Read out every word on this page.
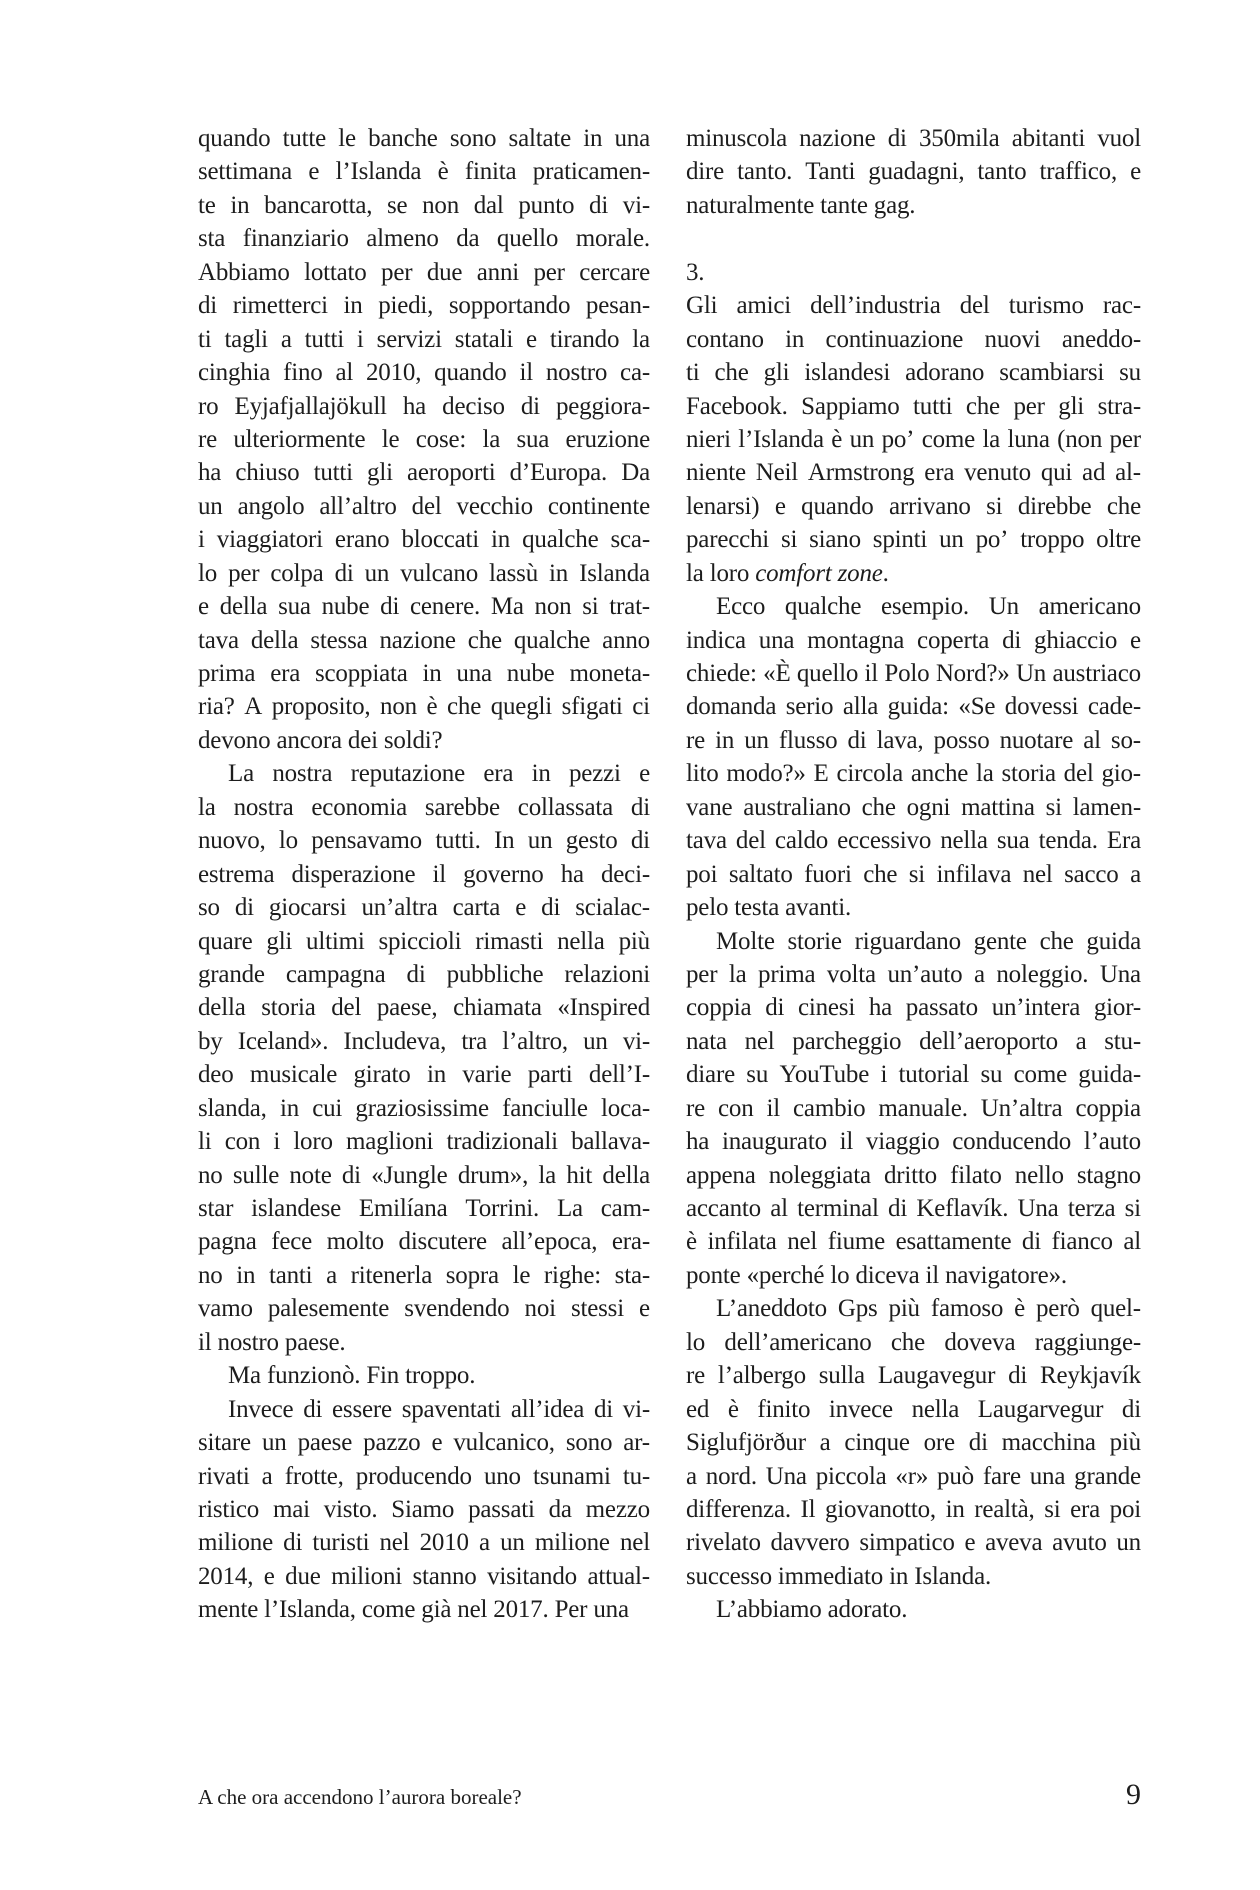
quando tutte le banche sono saltate in una
settimana e l’Islanda è finita praticamen-
te in bancarotta, se non dal punto di vi-
sta finanziario almeno da quello morale.
Abbiamo lottato per due anni per cercare
di rimetterci in piedi, sopportando pesan-
ti tagli a tutti i servizi statali e tirando la
cinghia fino al 2010, quando il nostro ca-
ro Eyjafjallajökull ha deciso di peggiora-
re ulteriormente le cose: la sua eruzione
ha chiuso tutti gli aeroporti d’Europa. Da
un angolo all’altro del vecchio continente
i viaggiatori erano bloccati in qualche sca-
lo per colpa di un vulcano lassù in Islanda
e della sua nube di cenere. Ma non si trat-
tava della stessa nazione che qualche anno
prima era scoppiata in una nube moneta-
ria? A proposito, non è che quegli sfigati ci
devono ancora dei soldi?
La nostra reputazione era in pezzi e
la nostra economia sarebbe collassata di
nuovo, lo pensavamo tutti. In un gesto di
estrema disperazione il governo ha deci-
so di giocarsi un’altra carta e di scialac-
quare gli ultimi spiccioli rimasti nella più
grande campagna di pubbliche relazioni
della storia del paese, chiamata «Inspired
by Iceland». Includeva, tra l’altro, un vi-
deo musicale girato in varie parti dell’I-
slanda, in cui graziosissime fanciulle loca-
li con i loro maglioni tradizionali ballava-
no sulle note di «Jungle drum», la hit della
star islandese Emilíana Torrini. La cam-
pagna fece molto discutere all’epoca, era-
no in tanti a ritenerla sopra le righe: sta-
vamo palesemente svendendo noi stessi e
il nostro paese.
Ma funzionò. Fin troppo.
Invece di essere spaventati all’idea di vi-
sitare un paese pazzo e vulcanico, sono ar-
rivati a frotte, producendo uno tsunami tu-
ristico mai visto. Siamo passati da mezzo
milione di turisti nel 2010 a un milione nel
2014, e due milioni stanno visitando attual-
mente l’Islanda, come già nel 2017. Per una
minuscola nazione di 350mila abitanti vuol
dire tanto. Tanti guadagni, tanto traffico, e
naturalmente tante gag.
3.
Gli amici dell’industria del turismo rac-
contano in continuazione nuovi aneddo-
ti che gli islandesi adorano scambiarsi su
Facebook. Sappiamo tutti che per gli stra-
nieri l’Islanda è un po’ come la luna (non per
niente Neil Armstrong era venuto qui ad al-
lenarsi) e quando arrivano si direbbe che
parecchi si siano spinti un po’ troppo oltre
la loro comfort zone.
Ecco qualche esempio. Un americano
indica una montagna coperta di ghiaccio e
chiede: «È quello il Polo Nord?» Un austriaco
domanda serio alla guida: «Se dovessi cade-
re in un flusso di lava, posso nuotare al so-
lito modo?» E circola anche la storia del gio-
vane australiano che ogni mattina si lamen-
tava del caldo eccessivo nella sua tenda. Era
poi saltato fuori che si infilava nel sacco a
pelo testa avanti.
Molte storie riguardano gente che guida
per la prima volta un’auto a noleggio. Una
coppia di cinesi ha passato un’intera gior-
nata nel parcheggio dell’aeroporto a stu-
diare su YouTube i tutorial su come guida-
re con il cambio manuale. Un’altra coppia
ha inaugurato il viaggio conducendo l’auto
appena noleggiata dritto filato nello stagno
accanto al terminal di Keflavík. Una terza si
è infilata nel fiume esattamente di fianco al
ponte «perché lo diceva il navigatore».
L’aneddoto Gps più famoso è però quel-
lo dell’americano che doveva raggiunge-
re l’albergo sulla Laugavegur di Reykjavík
ed è finito invece nella Laugarvegur di
Siglufjörður a cinque ore di macchina più
a nord. Una piccola «r» può fare una grande
differenza. Il giovanotto, in realtà, si era poi
rivelato davvero simpatico e aveva avuto un
successo immediato in Islanda.
L’abbiamo adorato.
A che ora accendono l’aurora boreale?	9
